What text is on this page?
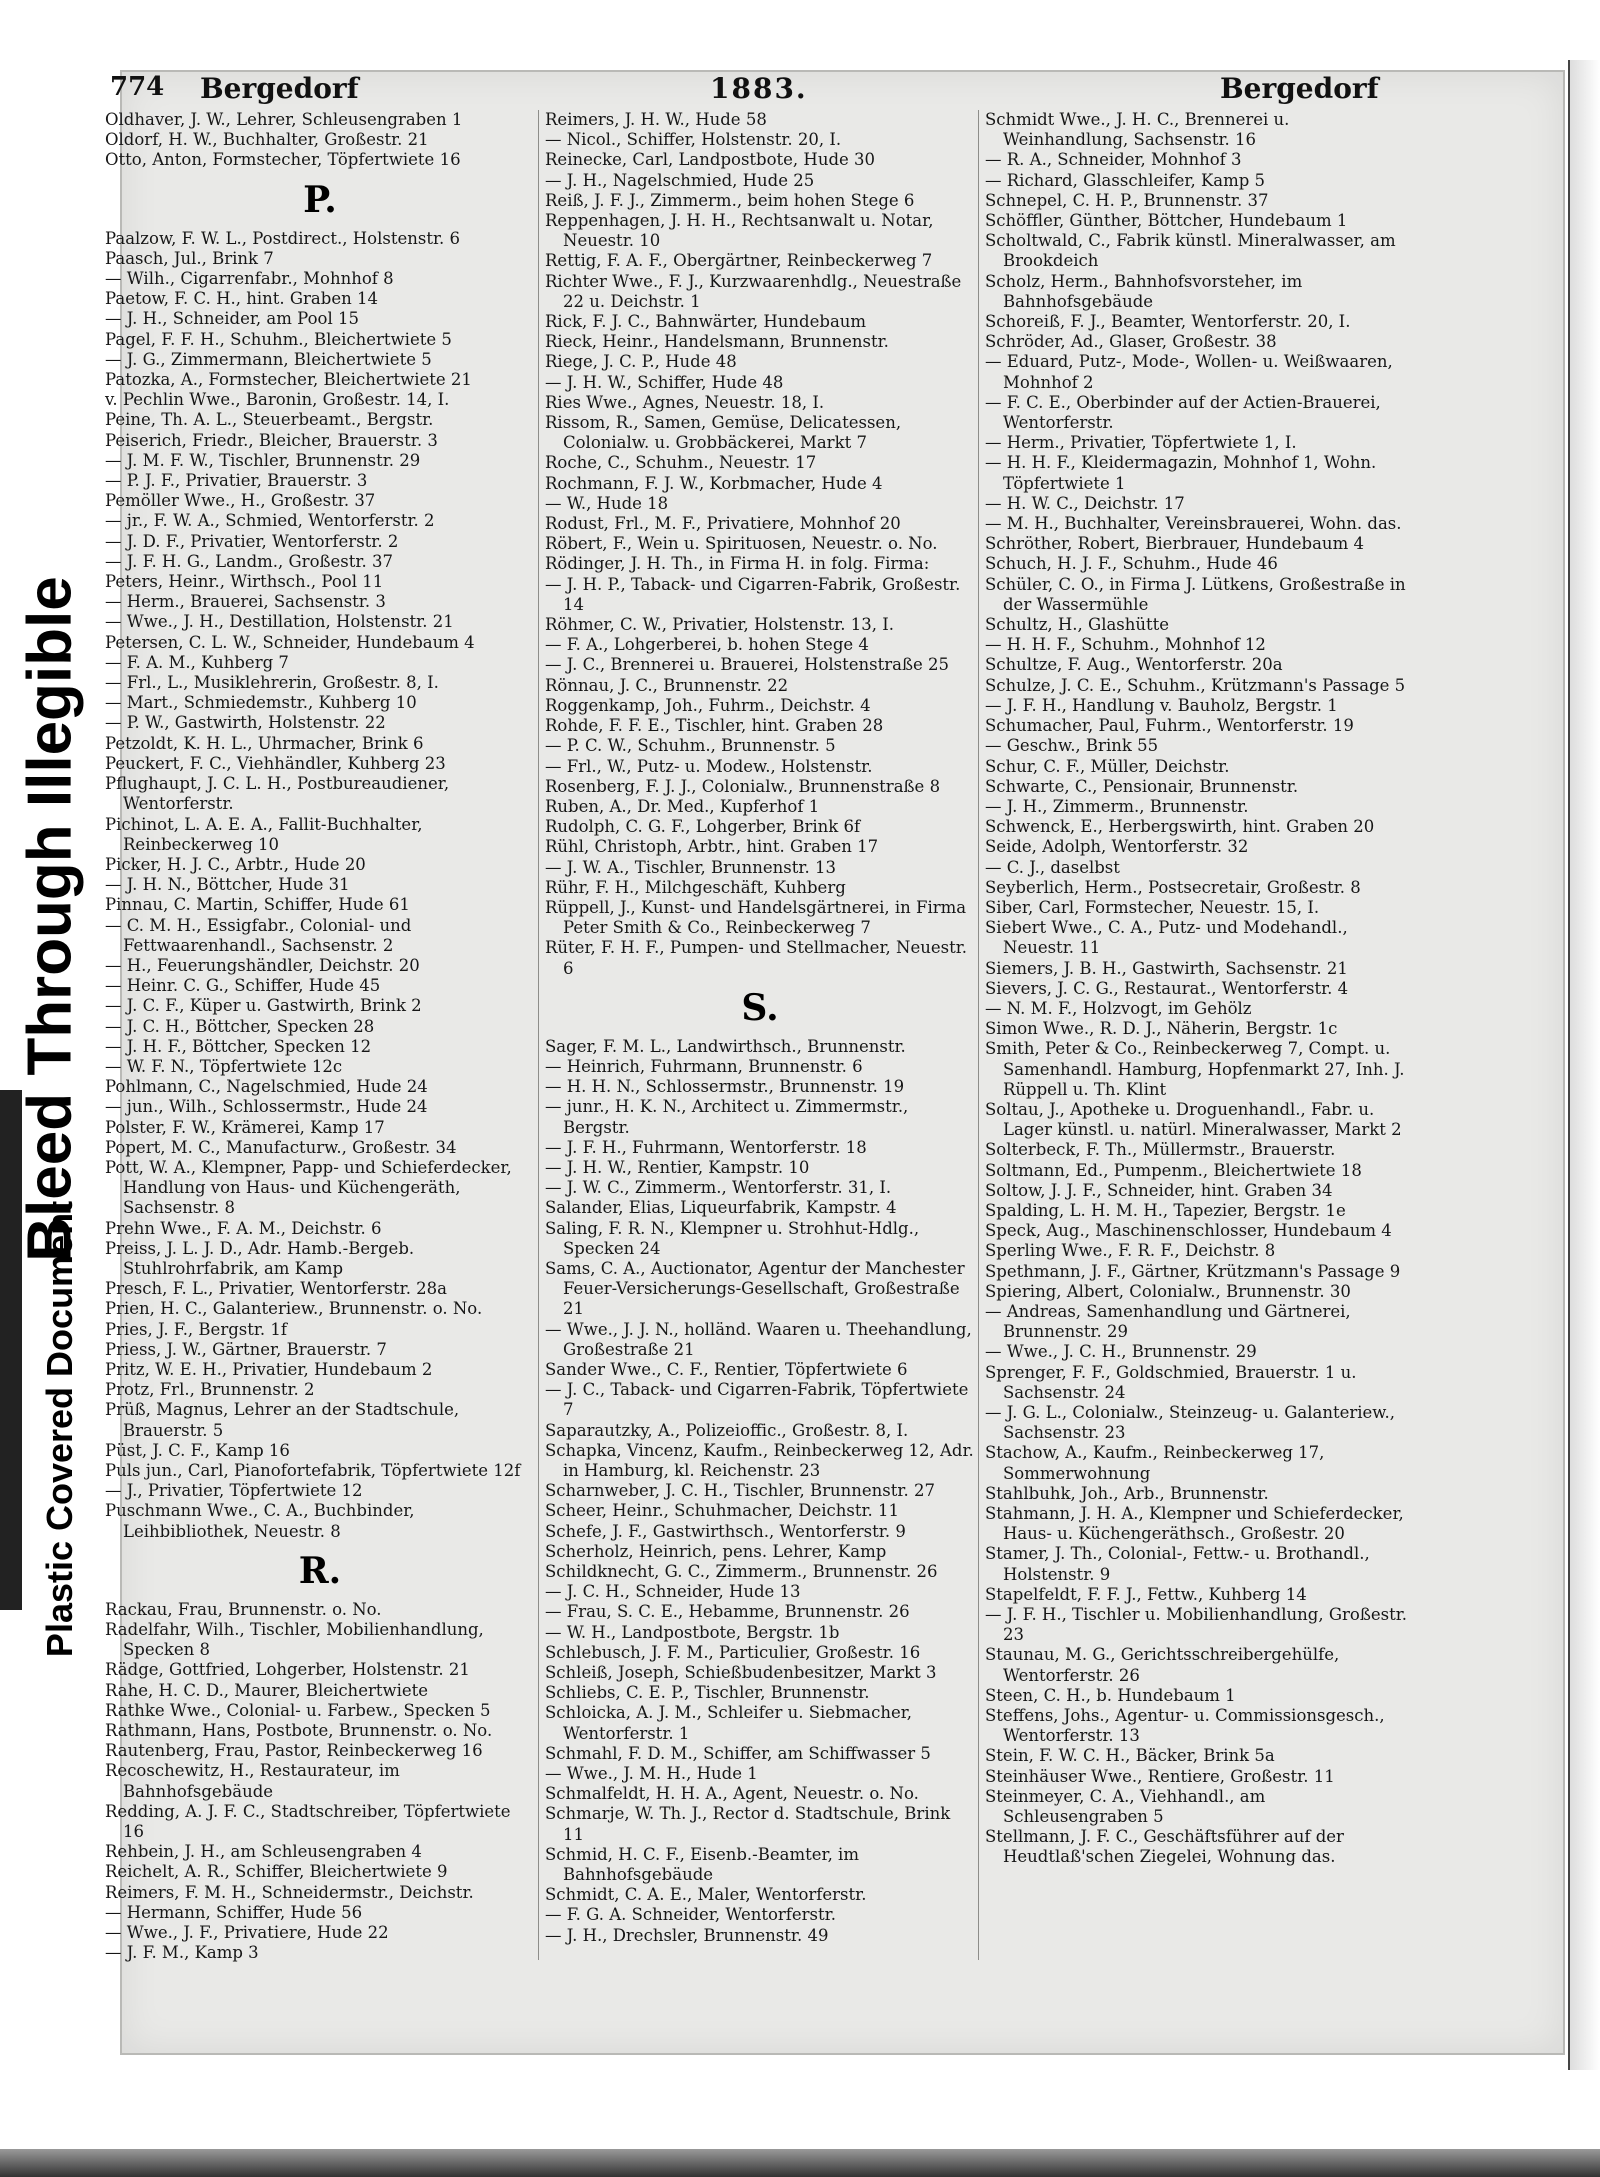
Bleed Through Illegible
Plastic Covered Document
774 Bergedorf	1883.	Bergedorf

Oldhaver, J. W., Lehrer, Schleusengraben 1

Oldorf, H. W., Buchhalter, Großestr. 21

Otto, Anton, Formstecher, Töpfertwiete 16

P.

Paalzow, F. W. L., Postdirect., Holstenstr. 6

Paasch, Jul., Brink 7

— Wilh., Cigarrenfabr., Mohnhof 8

Paetow, F. C. H., hint. Graben 14

— J. H., Schneider, am Pool 15

Pagel, F. F. H., Schuhm., Bleichertwiete 5

— J. G., Zimmermann, Bleichertwiete 5

Patozka, A., Formstecher, Bleichertwiete 21

v. Pechlin Wwe., Baronin, Großestr. 14, I.

Peine, Th. A. L., Steuerbeamt., Bergstr.

Peiserich, Friedr., Bleicher, Brauerstr. 3

— J. M. F. W., Tischler, Brunnenstr. 29

— P. J. F., Privatier, Brauerstr. 3

Pemöller Wwe., H., Großestr. 37

— jr., F. W. A., Schmied, Wentorferstr. 2

— J. D. F., Privatier, Wentorferstr. 2

— J. F. H. G., Landm., Großestr. 37

Peters, Heinr., Wirthsch., Pool 11

— Herm., Brauerei, Sachsenstr. 3

— Wwe., J. H., Destillation, Holstenstr. 21

Petersen, C. L. W., Schneider, Hundebaum 4

— F. A. M., Kuhberg 7

— Frl., L., Musiklehrerin, Großestr. 8, I.

— Mart., Schmiedemstr., Kuhberg 10

— P. W., Gastwirth, Holstenstr. 22

Petzoldt, K. H. L., Uhrmacher, Brink 6

Peuckert, F. C., Viehhändler, Kuhberg 23

Pflughaupt, J. C. L. H., Postbureaudiener, Wentorferstr.

Pichinot, L. A. E. A., Fallit-Buchhalter, Reinbeckerweg 10

Picker, H. J. C., Arbtr., Hude 20

— J. H. N., Böttcher, Hude 31

Pinnau, C. Martin, Schiffer, Hude 61

— C. M. H., Essigfabr., Colonial- und Fettwaarenhandl., Sachsenstr. 2

— H., Feuerungshändler, Deichstr. 20

— Heinr. C. G., Schiffer, Hude 45

— J. C. F., Küper u. Gastwirth, Brink 2

— J. C. H., Böttcher, Specken 28

— J. H. F., Böttcher, Specken 12

— W. F. N., Töpfertwiete 12c

Pohlmann, C., Nagelschmied, Hude 24

— jun., Wilh., Schlossermstr., Hude 24

Polster, F. W., Krämerei, Kamp 17

Popert, M. C., Manufacturw., Großestr. 34

Pott, W. A., Klempner, Papp- und Schieferdecker, Handlung von Haus- und Küchengeräth, Sachsenstr. 8

Prehn Wwe., F. A. M., Deichstr. 6

Preiss, J. L. J. D., Adr. Hamb.-Bergeb. Stuhlrohrfabrik, am Kamp

Presch, F. L., Privatier, Wentorferstr. 28a

Prien, H. C., Galanteriew., Brunnenstr. o. No.

Pries, J. F., Bergstr. 1f

Priess, J. W., Gärtner, Brauerstr. 7

Pritz, W. E. H., Privatier, Hundebaum 2

Protz, Frl., Brunnenstr. 2

Prüß, Magnus, Lehrer an der Stadtschule, Brauerstr. 5

Püst, J. C. F., Kamp 16

Puls jun., Carl, Pianofortefabrik, Töpfertwiete 12f

— J., Privatier, Töpfertwiete 12

Puschmann Wwe., C. A., Buchbinder, Leihbibliothek, Neuestr. 8

R.

Rackau, Frau, Brunnenstr. o. No.

Radelfahr, Wilh., Tischler, Mobilienhandlung, Specken 8

Rädge, Gottfried, Lohgerber, Holstenstr. 21

Rahe, H. C. D., Maurer, Bleichertwiete

Rathke Wwe., Colonial- u. Farbew., Specken 5

Rathmann, Hans, Postbote, Brunnenstr. o. No.

Rautenberg, Frau, Pastor, Reinbeckerweg 16

Recoschewitz, H., Restaurateur, im Bahnhofsgebäude

Redding, A. J. F. C., Stadtschreiber, Töpfertwiete 16

Rehbein, J. H., am Schleusengraben 4

Reichelt, A. R., Schiffer, Bleichertwiete 9

Reimers, F. M. H., Schneidermstr., Deichstr.

— Hermann, Schiffer, Hude 56

— Wwe., J. F., Privatiere, Hude 22

— J. F. M., Kamp 3

Reimers, J. H. W., Hude 58

— Nicol., Schiffer, Holstenstr. 20, I.

Reinecke, Carl, Landpostbote, Hude 30

— J. H., Nagelschmied, Hude 25

Reiß, J. F. J., Zimmerm., beim hohen Stege 6

Reppenhagen, J. H. H., Rechtsanwalt u. Notar, Neuestr. 10

Rettig, F. A. F., Obergärtner, Reinbeckerweg 7

Richter Wwe., F. J., Kurzwaarenhdlg., Neuestraße 22 u. Deichstr. 1

Rick, F. J. C., Bahnwärter, Hundebaum

Rieck, Heinr., Handelsmann, Brunnenstr.

Riege, J. C. P., Hude 48

— J. H. W., Schiffer, Hude 48

Ries Wwe., Agnes, Neuestr. 18, I.

Rissom, R., Samen, Gemüse, Delicatessen, Colonialw. u. Grobbäckerei, Markt 7

Roche, C., Schuhm., Neuestr. 17

Rochmann, F. J. W., Korbmacher, Hude 4

— W., Hude 18

Rodust, Frl., M. F., Privatiere, Mohnhof 20

Röbert, F., Wein u. Spirituosen, Neuestr. o. No.

Rödinger, J. H. Th., in Firma H. in folg. Firma:

— J. H. P., Taback- und Cigarren-Fabrik, Großestr. 14

Röhmer, C. W., Privatier, Holstenstr. 13, I.

— F. A., Lohgerberei, b. hohen Stege 4

— J. C., Brennerei u. Brauerei, Holstenstraße 25

Rönnau, J. C., Brunnenstr. 22

Roggenkamp, Joh., Fuhrm., Deichstr. 4

Rohde, F. F. E., Tischler, hint. Graben 28

— P. C. W., Schuhm., Brunnenstr. 5

— Frl., W., Putz- u. Modew., Holstenstr.

Rosenberg, F. J. J., Colonialw., Brunnenstraße 8

Ruben, A., Dr. Med., Kupferhof 1

Rudolph, C. G. F., Lohgerber, Brink 6f

Rühl, Christoph, Arbtr., hint. Graben 17

— J. W. A., Tischler, Brunnenstr. 13

Rühr, F. H., Milchgeschäft, Kuhberg

Rüppell, J., Kunst- und Handelsgärtnerei, in Firma Peter Smith & Co., Reinbeckerweg 7

Rüter, F. H. F., Pumpen- und Stellmacher, Neuestr. 6

S.

Sager, F. M. L., Landwirthsch., Brunnenstr.

— Heinrich, Fuhrmann, Brunnenstr. 6

— H. H. N., Schlossermstr., Brunnenstr. 19

— junr., H. K. N., Architect u. Zimmermstr., Bergstr.

— J. F. H., Fuhrmann, Wentorferstr. 18

— J. H. W., Rentier, Kampstr. 10

— J. W. C., Zimmerm., Wentorferstr. 31, I.

Salander, Elias, Liqueurfabrik, Kampstr. 4

Saling, F. R. N., Klempner u. Strohhut-Hdlg., Specken 24

Sams, C. A., Auctionator, Agentur der Manchester Feuer-Versicherungs-Gesellschaft, Großestraße 21

— Wwe., J. J. N., holländ. Waaren u. Theehandlung, Großestraße 21

Sander Wwe., C. F., Rentier, Töpfertwiete 6

— J. C., Taback- und Cigarren-Fabrik, Töpfertwiete 7

Saparautzky, A., Polizeioffic., Großestr. 8, I.

Schapka, Vincenz, Kaufm., Reinbeckerweg 12, Adr. in Hamburg, kl. Reichenstr. 23

Scharnweber, J. C. H., Tischler, Brunnenstr. 27

Scheer, Heinr., Schuhmacher, Deichstr. 11

Schefe, J. F., Gastwirthsch., Wentorferstr. 9

Scherholz, Heinrich, pens. Lehrer, Kamp

Schildknecht, G. C., Zimmerm., Brunnenstr. 26

— J. C. H., Schneider, Hude 13

— Frau, S. C. E., Hebamme, Brunnenstr. 26

— W. H., Landpostbote, Bergstr. 1b

Schlebusch, J. F. M., Particulier, Großestr. 16

Schleiß, Joseph, Schießbudenbesitzer, Markt 3

Schliebs, C. E. P., Tischler, Brunnenstr.

Schloicka, A. J. M., Schleifer u. Siebmacher, Wentorferstr. 1

Schmahl, F. D. M., Schiffer, am Schiffwasser 5

— Wwe., J. M. H., Hude 1

Schmalfeldt, H. H. A., Agent, Neuestr. o. No.

Schmarje, W. Th. J., Rector d. Stadtschule, Brink 11

Schmid, H. C. F., Eisenb.-Beamter, im Bahnhofsgebäude

Schmidt, C. A. E., Maler, Wentorferstr.

— F. G. A. Schneider, Wentorferstr.

— J. H., Drechsler, Brunnenstr. 49

Schmidt Wwe., J. H. C., Brennerei u. Weinhandlung, Sachsenstr. 16

— R. A., Schneider, Mohnhof 3

— Richard, Glasschleifer, Kamp 5

Schnepel, C. H. P., Brunnenstr. 37

Schöffler, Günther, Böttcher, Hundebaum 1

Scholtwald, C., Fabrik künstl. Mineralwasser, am Brookdeich

Scholz, Herm., Bahnhofsvorsteher, im Bahnhofsgebäude

Schoreiß, F. J., Beamter, Wentorferstr. 20, I.

Schröder, Ad., Glaser, Großestr. 38

— Eduard, Putz-, Mode-, Wollen- u. Weißwaaren, Mohnhof 2

— F. C. E., Oberbinder auf der Actien-Brauerei, Wentorferstr.

— Herm., Privatier, Töpfertwiete 1, I.

— H. H. F., Kleidermagazin, Mohnhof 1, Wohn. Töpfertwiete 1

— H. W. C., Deichstr. 17

— M. H., Buchhalter, Vereinsbrauerei, Wohn. das.

Schröther, Robert, Bierbrauer, Hundebaum 4

Schuch, H. J. F., Schuhm., Hude 46

Schüler, C. O., in Firma J. Lütkens, Großestraße in der Wassermühle

Schultz, H., Glashütte

— H. H. F., Schuhm., Mohnhof 12

Schultze, F. Aug., Wentorferstr. 20a

Schulze, J. C. E., Schuhm., Krützmann's Passage 5

— J. F. H., Handlung v. Bauholz, Bergstr. 1

Schumacher, Paul, Fuhrm., Wentorferstr. 19

— Geschw., Brink 55

Schur, C. F., Müller, Deichstr.

Schwarte, C., Pensionair, Brunnenstr.

— J. H., Zimmerm., Brunnenstr.

Schwenck, E., Herbergswirth, hint. Graben 20

Seide, Adolph, Wentorferstr. 32

— C. J., daselbst

Seyberlich, Herm., Postsecretair, Großestr. 8

Siber, Carl, Formstecher, Neuestr. 15, I.

Siebert Wwe., C. A., Putz- und Modehandl., Neuestr. 11

Siemers, J. B. H., Gastwirth, Sachsenstr. 21

Sievers, J. C. G., Restaurat., Wentorferstr. 4

— N. M. F., Holzvogt, im Gehölz

Simon Wwe., R. D. J., Näherin, Bergstr. 1c

Smith, Peter & Co., Reinbeckerweg 7, Compt. u. Samenhandl. Hamburg, Hopfenmarkt 27, Inh. J. Rüppell u. Th. Klint

Soltau, J., Apotheke u. Droguenhandl., Fabr. u. Lager künstl. u. natürl. Mineralwasser, Markt 2

Solterbeck, F. Th., Müllermstr., Brauerstr.

Soltmann, Ed., Pumpenm., Bleichertwiete 18

Soltow, J. J. F., Schneider, hint. Graben 34

Spalding, L. H. M. H., Tapezier, Bergstr. 1e

Speck, Aug., Maschinenschlosser, Hundebaum 4

Sperling Wwe., F. R. F., Deichstr. 8

Spethmann, J. F., Gärtner, Krützmann's Passage 9

Spiering, Albert, Colonialw., Brunnenstr. 30

— Andreas, Samenhandlung und Gärtnerei, Brunnenstr. 29

— Wwe., J. C. H., Brunnenstr. 29

Sprenger, F. F., Goldschmied, Brauerstr. 1 u. Sachsenstr. 24

— J. G. L., Colonialw., Steinzeug- u. Galanteriew., Sachsenstr. 23

Stachow, A., Kaufm., Reinbeckerweg 17, Sommerwohnung

Stahlbuhk, Joh., Arb., Brunnenstr.

Stahmann, J. H. A., Klempner und Schieferdecker, Haus- u. Küchengeräthsch., Großestr. 20

Stamer, J. Th., Colonial-, Fettw.- u. Brothandl., Holstenstr. 9

Stapelfeldt, F. F. J., Fettw., Kuhberg 14

— J. F. H., Tischler u. Mobilienhandlung, Großestr. 23

Staunau, M. G., Gerichtsschreibergehülfe, Wentorferstr. 26

Steen, C. H., b. Hundebaum 1

Steffens, Johs., Agentur- u. Commissionsgesch., Wentorferstr. 13

Stein, F. W. C. H., Bäcker, Brink 5a

Steinhäuser Wwe., Rentiere, Großestr. 11

Steinmeyer, C. A., Viehhandl., am Schleusengraben 5

Stellmann, J. F. C., Geschäftsführer auf der Heudtlaß'schen Ziegelei, Wohnung das.
